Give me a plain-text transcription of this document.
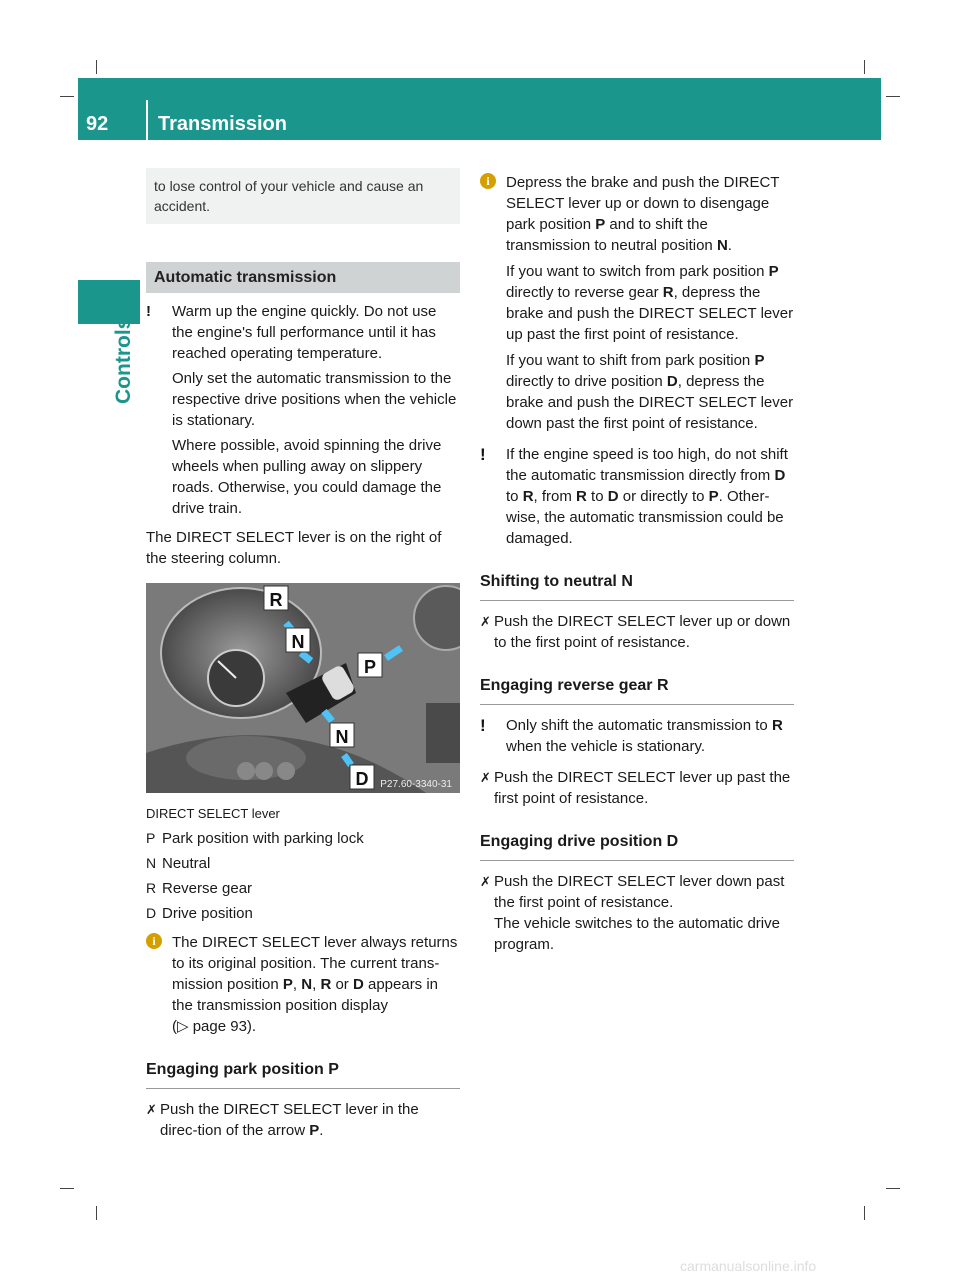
92 Transmission
Controls
to lose control of your vehicle and cause an accident.
Automatic transmission
! Warm up the engine quickly. Do not use the engine's full performance until it has reached operating temperature.
Only set the automatic transmission to the respective drive positions when the vehicle is stationary.
Where possible, avoid spinning the drive wheels when pulling away on slippery roads. Otherwise, you could damage the drive train.
The DIRECT SELECT lever is on the right of the steering column.
R
N
P
N
D P27.60-3340-31
DIRECT SELECT lever
P Park position with parking lock
N Neutral
R Reverse gear
D Drive position
i	The DIRECT SELECT lever always returns to its original position. The current trans-mission position P, N, R or D appears in the transmission position display
(▷ page 93).
Engaging park position P
✗ Push the DIRECT SELECT lever in the direc-tion of the arrow P.
i	Depress the brake and push the DIRECT SELECT lever up or down to disengage park position P and to shift the transmission to neutral position N.
If you want to switch from park position P directly to reverse gear R, depress the brake and push the DIRECT SELECT lever up past the first point of resistance.
If you want to shift from park position P directly to drive position D, depress the brake and push the DIRECT SELECT lever down past the first point of resistance.
! If the engine speed is too high, do not shift the automatic transmission directly from D to R, from R to D or directly to P. Other-wise, the automatic transmission could be damaged.
Shifting to neutral N
✗ Push the DIRECT SELECT lever up or down to the first point of resistance.
Engaging reverse gear R
! Only shift the automatic transmission to R when the vehicle is stationary.
✗ Push the DIRECT SELECT lever up past the first point of resistance.
Engaging drive position D
✗ Push the DIRECT SELECT lever down past the first point of resistance.
The vehicle switches to the automatic drive program.
carmanualsonline.info
